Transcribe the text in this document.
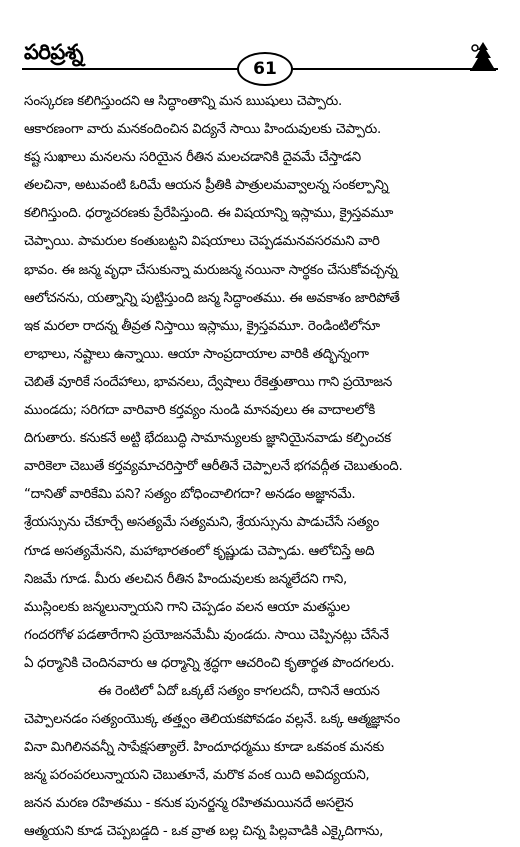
పరిప్రశ్న
61
సంస్కరణ కలిగిస్తుందని ఆ సిద్ధాంతాన్ని మన ఋషులు చెప్పారు.
ఆకారణంగా వారు మనకందించిన విద్యనే సాయి హిందువులకు చెప్పారు.
కష్ట సుఖాలు మనలను సరియైన రీతిన మలచడానికి దైవమే చేస్తాడని
తలచినా, అటువంటి ఓరిమే ఆయన ప్రీతికి పాత్రులమవ్వాలన్న సంకల్పాన్ని
కలిగిస్తుంది. ధర్మాచరణకు ప్రేరేపిస్తుంది. ఈ విషయాన్ని ఇస్లాము, క్రైస్తవమూ
చెప్పాయి. పామరుల కంతుబట్టని విషయాలు చెప్పడమనవసరమని వారి
భావం. ఈ జన్మ వృధా చేసుకున్నా మరుజన్మ నయినా సార్థకం చేసుకోవచ్చన్న
ఆలోచనను, యత్నాన్ని పుట్టిస్తుంది జన్మ సిద్ధాంతము. ఈ అవకాశం జారిపోతే
ఇక మరలా రాదన్న తీవ్రత నిస్తాయి ఇస్లాము, క్రైస్తవమూ. రెండింటిలోనూ
లాభాలు, నష్టాలు ఉన్నాయి. ఆయా సాంప్రదాయాల వారికి తద్భిన్నంగా
చెబితే వూరికే సందేహాలు, భావనలు, ద్వేషాలు రేకెత్తుతాయి గాని ప్రయోజన
ముండదు; సరిగదా వారివారి కర్తవ్యం నుండి మానవులు ఈ వాదాలలోకి
దిగుతారు. కనుకనే అట్టి భేదబుద్ధి సామాన్యులకు జ్ఞానియైనవాడు కల్పించక
వారికెలా చెబుతే కర్తవ్యమాచరిస్తారో ఆరీతినే చెప్పాలనే భగవద్గీత చెబుతుంది.
“దానితో వారికేమి పని? సత్యం బోధించాలిగదా? అనడం అజ్ఞానమే.
శ్రేయస్సును చేకూర్చే అసత్యమే సత్యమని, శ్రేయస్సును పాడుచేసే సత్యం
గూడ అసత్యమేనని, మహాభారతంలో కృష్ణుడు చెప్పాడు. ఆలోచిస్తే అది
నిజమే గూడ. మీరు తలచిన రీతిన హిందువులకు జన్మలేదని గాని,
ముస్లింలకు జన్మలున్నాయని గాని చెప్పడం వలన ఆయా మతస్థుల
గందరగోళ పడతారేగాని ప్రయోజనమేమీ వుండదు. సాయి చెప్పినట్లు చేసేనే
ఏ ధర్మానికి చెందినవారు ఆ ధర్మాన్ని శ్రద్ధగా ఆచరించి కృతార్థత పొందగలరు.
ఈ రెంటిలో ఏదో ఒక్కటే సత్యం కాగలదనీ, దానినే ఆయన
చెప్పాలనడం సత్యంయొక్క తత్త్వం తెలియకపోవడం వల్లనే. ఒక్క ఆత్మజ్ఞానం
వినా మిగిలినవన్నీ సాపేక్షసత్యాలే. హిందూధర్మము కూడా ఒకవంక మనకు
జన్మ పరంపరలున్నాయని చెబుతూనే, మరొక వంక యిది అవిద్యయని,
జనన మరణ రహితము - కనుక పునర్జన్మ రహితమయినదే అసలైన
ఆత్మయని కూడ చెప్పబడ్డది - ఒక వ్రాత బల్ల చిన్న పిల్లవాడికి ఎక్కైదిగాను,
